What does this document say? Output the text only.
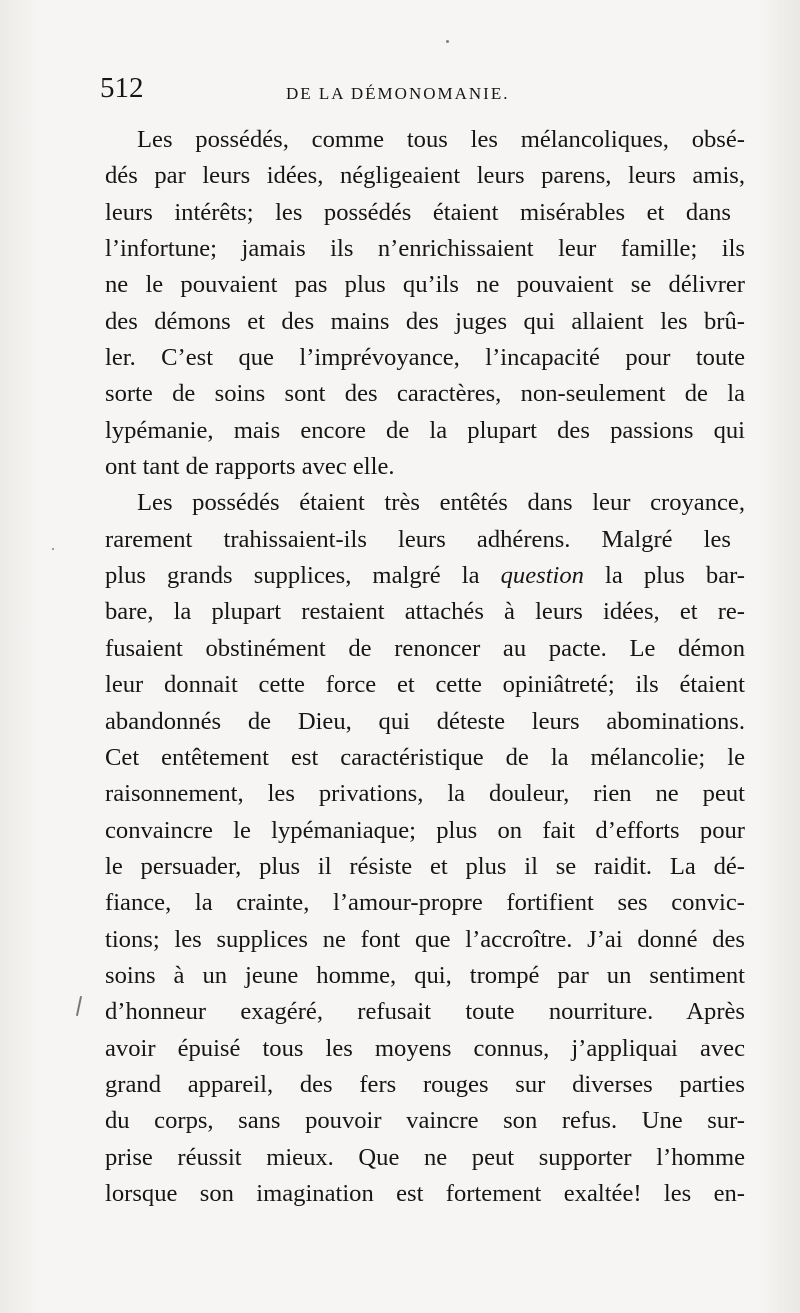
512	DE LA DÉMONOMANIE.
Les possédés, comme tous les mélancoliques, obsé-
dés par leurs idées, négligeaient leurs parens, leurs amis,
leurs intérêts; les possédés étaient misérables et dans
l’infortune; jamais ils n’enrichissaient leur famille; ils
ne le pouvaient pas plus qu’ils ne pouvaient se délivrer
des démons et des mains des juges qui allaient les brû-
ler. C’est que l’imprévoyance, l’incapacité pour toute
sorte de soins sont des caractères, non-seulement de la
lypémanie, mais encore de la plupart des passions qui
ont tant de rapports avec elle.
Les possédés étaient très entêtés dans leur croyance,
rarement trahissaient-ils leurs adhérens. Malgré les
plus grands supplices, malgré la question la plus bar-
bare, la plupart restaient attachés à leurs idées, et re-
fusaient obstinément de renoncer au pacte. Le démon
leur donnait cette force et cette opiniâtreté; ils étaient
abandonnés de Dieu, qui déteste leurs abominations.
Cet entêtement est caractéristique de la mélancolie; le
raisonnement, les privations, la douleur, rien ne peut
convaincre le lypémaniaque; plus on fait d’efforts pour
le persuader, plus il résiste et plus il se raidit. La dé-
fiance, la crainte, l’amour-propre fortifient ses convic-
tions; les supplices ne font que l’accroître. J’ai donné des
soins à un jeune homme, qui, trompé par un sentiment
d’honneur exagéré, refusait toute nourriture. Après
avoir épuisé tous les moyens connus, j’appliquai avec
grand appareil, des fers rouges sur diverses parties
du corps, sans pouvoir vaincre son refus. Une sur-
prise réussit mieux. Que ne peut supporter l’homme
lorsque son imagination est fortement exaltée! les en-
